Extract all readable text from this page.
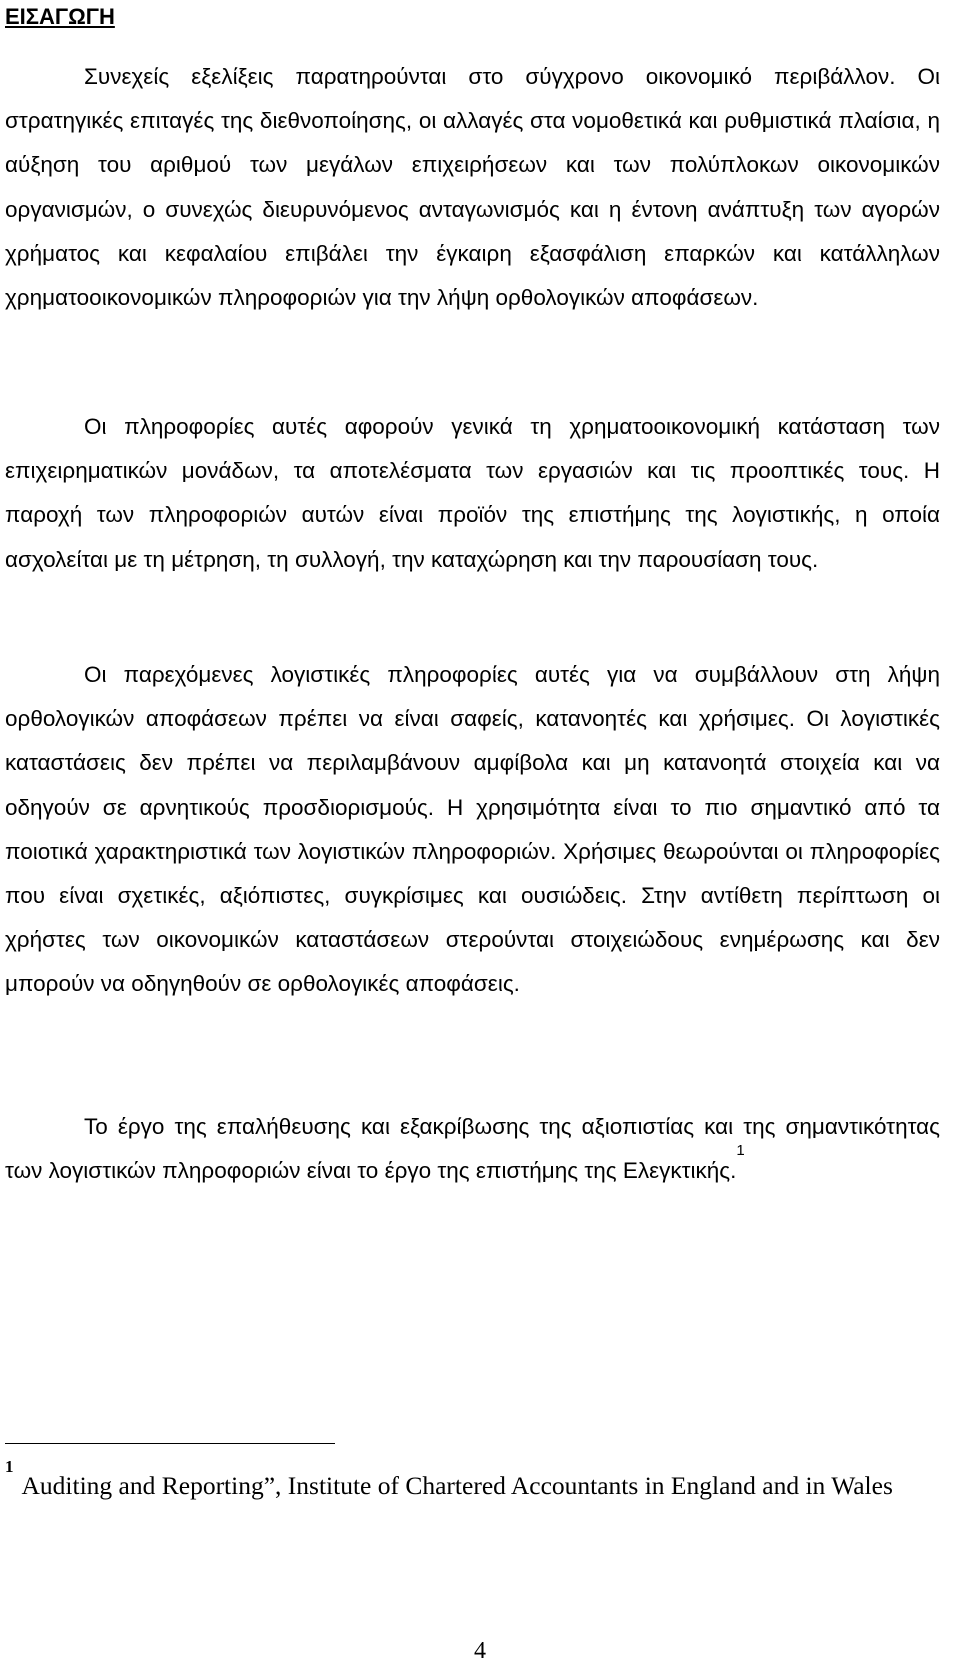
ΕΙΣΑΓΩΓΗ

Συνεχείς εξελίξεις παρατηρούνται στο σύγχρονο οικονομικό περιβάλλον. Οι στρατηγικές επιταγές της διεθνοποίησης, οι αλλαγές στα νομοθετικά και ρυθμιστικά πλαίσια, η αύξηση του αριθμού των μεγάλων επιχειρήσεων και των πολύπλοκων οικονομικών οργανισμών, ο συνεχώς διευρυνόμενος ανταγωνισμός και η έντονη ανάπτυξη των αγορών χρήματος και κεφαλαίου επιβάλει την έγκαιρη εξασφάλιση επαρκών και κατάλληλων χρηματοοικονομικών πληροφοριών για την λήψη ορθολογικών αποφάσεων.

Οι πληροφορίες αυτές αφορούν γενικά τη χρηματοοικονομική κατάσταση των επιχειρηματικών μονάδων, τα αποτελέσματα των εργασιών και τις προοπτικές τους. Η παροχή των πληροφοριών αυτών είναι προϊόν της επιστήμης της λογιστικής, η οποία ασχολείται με τη μέτρηση, τη συλλογή, την καταχώρηση και την παρουσίαση τους.

Οι παρεχόμενες λογιστικές πληροφορίες αυτές για να συμβάλλουν στη λήψη ορθολογικών αποφάσεων πρέπει να είναι σαφείς, κατανοητές και χρήσιμες. Οι λογιστικές καταστάσεις δεν πρέπει να περιλαμβάνουν αμφίβολα και μη κατανοητά στοιχεία και να οδηγούν σε αρνητικούς προσδιορισμούς. Η χρησιμότητα είναι το πιο σημαντικό από τα ποιοτικά χαρακτηριστικά των λογιστικών πληροφοριών. Χρήσιμες θεωρούνται οι πληροφορίες που είναι σχετικές, αξιόπιστες, συγκρίσιμες και ουσιώδεις. Στην αντίθετη περίπτωση οι χρήστες των οικονομικών καταστάσεων στερούνται στοιχειώδους ενημέρωσης και δεν μπορούν να οδηγηθούν σε ορθολογικές αποφάσεις.

Το έργο της επαλήθευσης και εξακρίβωσης της αξιοπιστίας και της σημαντικότητας των λογιστικών πληροφοριών είναι το έργο της επιστήμης της Ελεγκτικής.$^1$

$^1$Auditing and Reporting”, Institute of Chartered Accountants in England and in Wales

4
